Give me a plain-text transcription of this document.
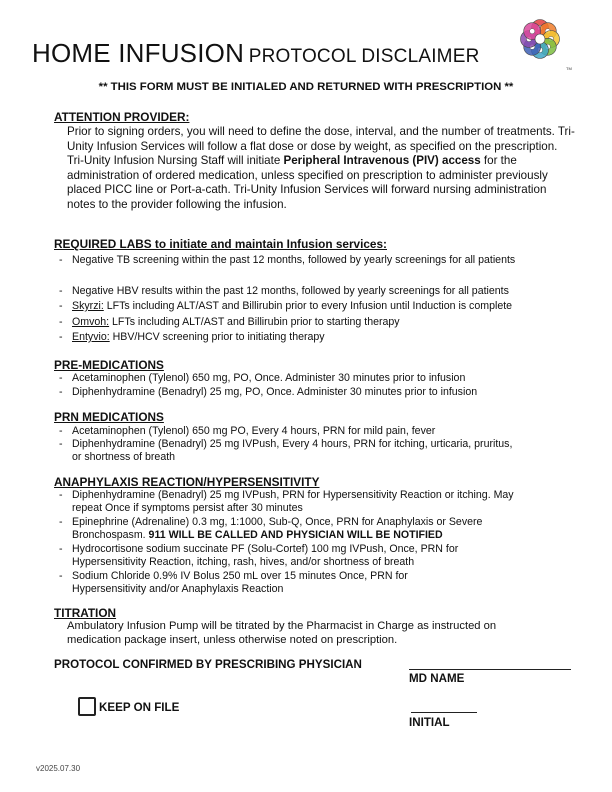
HOME INFUSION PROTOCOL DISCLAIMER
TM
** THIS FORM MUST BE INITIALED AND RETURNED WITH PRESCRIPTION **
ATTENTION PROVIDER:
Prior to signing orders, you will need to define the dose, interval, and the number of treatments. Tri-Unity Infusion Services will follow a flat dose or dose by weight, as specified on the prescription. Tri-Unity Infusion Nursing Staff will initiate Peripheral Intravenous (PIV) access for the administration of ordered medication, unless specified on prescription to administer previously placed PICC line or Port-a-cath. Tri-Unity Infusion Services will forward nursing administration notes to the provider following the infusion.
REQUIRED LABS to initiate and maintain Infusion services:
- Negative TB screening within the past 12 months, followed by yearly screenings for all patients
- Negative HBV results within the past 12 months, followed by yearly screenings for all patients
- Skyrzi: LFTs including ALT/AST and Billirubin prior to every Infusion until Induction is complete
- Omvoh: LFTs including ALT/AST and Billirubin prior to starting therapy
- Entyvio: HBV/HCV screening prior to initiating therapy
PRE-MEDICATIONS
- Acetaminophen (Tylenol) 650 mg, PO, Once. Administer 30 minutes prior to infusion
- Diphenhydramine (Benadryl) 25 mg, PO, Once. Administer 30 minutes prior to infusion
PRN MEDICATIONS
- Acetaminophen (Tylenol) 650 mg PO, Every 4 hours, PRN for mild pain, fever
- Diphenhydramine (Benadryl) 25 mg IVPush, Every 4 hours, PRN for itching, urticaria, pruritus, or shortness of breath
ANAPHYLAXIS REACTION/HYPERSENSITIVITY
- Diphenhydramine (Benadryl) 25 mg IVPush, PRN for Hypersensitivity Reaction or itching. May repeat Once if symptoms persist after 30 minutes
- Epinephrine (Adrenaline) 0.3 mg, 1:1000, Sub-Q, Once, PRN for Anaphylaxis or Severe Bronchospasm. 911 WILL BE CALLED AND PHYSICIAN WILL BE NOTIFIED
- Hydrocortisone sodium succinate PF (Solu-Cortef) 100 mg IVPush, Once, PRN for Hypersensitivity Reaction, itching, rash, hives, and/or shortness of breath
- Sodium Chloride 0.9% IV Bolus 250 mL over 15 minutes Once, PRN for Hypersensitivity and/or Anaphylaxis Reaction
TITRATION
Ambulatory Infusion Pump will be titrated by the Pharmacist in Charge as instructed on medication package insert, unless otherwise noted on prescription.
PROTOCOL CONFIRMED BY PRESCRIBING PHYSICIAN
MD NAME
KEEP ON FILE
INITIAL
v2025.07.30
